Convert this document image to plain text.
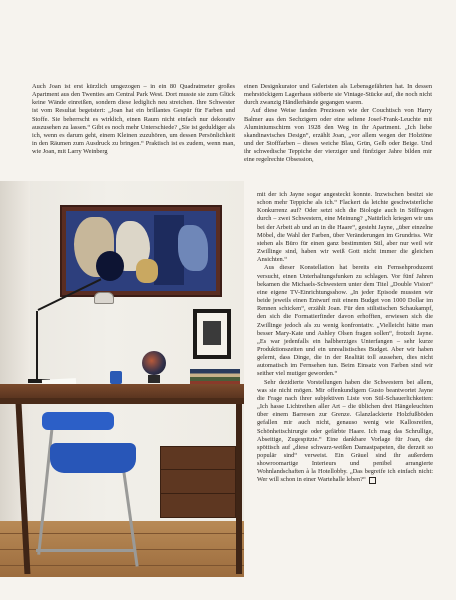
Auch Joan ist erst kürzlich umgezogen – in ein 80 Quadratmeter großes Apartment aus den Twenties am Central Park West. Dort musste sie zum Glück keine Wände einreißen, sondern diese lediglich neu streichen. Ihre Schwester ist vom Resultat begeistert: „Joan hat ein brillantes Gespür für Farben und Stoffe. Sie beherrscht es wirklich, einen Raum nicht einfach nur dekorativ auszusehen zu lassen.“ Gibt es noch mehr Unterschiede? „Sie ist geduldiger als ich, wenn es darum geht, einem Kleinen zuzuhören, um dessen Persönlichkeit in den Räumen zum Ausdruck zu bringen.“ Praktisch ist es zudem, wenn man, wie Joan, mit Larry Weinberg

einen Designkurator und Galeristen als Lebensgefährten hat. In dessen mehrstöckigem Lagerhaus stöberte sie Vintage-Stücke auf, die noch nicht durch zwanzig Händlerhände gegangen waren.

Auf diese Weise fanden Preziosen wie der Couchtisch von Harry Balmer aus den Sechzigern oder eine seltene Josef-Frank-Leuchte mit Aluminiumschirm von 1928 den Weg in ihr Apartment. „Ich liebe skandinavisches Design“, erzählt Joan, „vor allem wegen der Holztöne und der Stofffarben – dieses weiche Blau, Grün, Gelb oder Beige. Und ihr schwedische Teppiche der vierziger und fünfziger Jahre bilden mir eine regelrechte Obsession,

mit der ich Jayne sogar angesteckt konnte. Inzwischen besitzt sie schon mehr Teppiche als ich.“ Flackert da leichte geschwisterliche Konkurrenz auf? Oder setzt sich die Biologie auch in Stilfragen durch – zwei Schwestern, eine Meinung? „Natürlich kriegen wir uns bei der Arbeit ab und an in die Haare“, gesteht Jayne, „über einzelne Möbel, die Wahl der Farben, über Veränderungen im Grundriss. Wir stehen als Büro für einen ganz bestimmten Stil, aber nur weil wir Zwillinge sind, haben wir weiß Gott nicht immer die gleichen Ansichten.“

Aus dieser Konstellation hat bereits ein Fernsehproduzent versucht, einen Unterhaltungsfunken zu schlagen. Vor fünf Jahren bekamen die Michaels-Schwestern unter dem Titel „Double Vision“ eine eigene TV-Einrichtungsshow. „In jeder Episode mussten wir beide jeweils einen Entwurf mit einem Budget von 1000 Dollar im Rennen schicken“, erzählt Joan. Für den stilistischen Schaukampf, den sich die Formatierfinder davon erhofften, erwiesen sich die Zwillinge jedoch als zu wenig konfrontativ. „Vielleicht hätte man besser Mary-Kate und Ashley Olsen fragen sollen“, frotzelt Jayne. „Es war jedenfalls ein halbherziges Unterfangen – sehr kurze Produktionszeiten und ein unrealistisches Budget. Aber wir haben gelernt, dass Dinge, die in der Realität toll aussehen, dies nicht automatisch im Fernsehen tun. Beim Einsatz von Farben sind wir seither viel mutiger geworden.“

Sehr dezidierte Vorstellungen haben die Schwestern bei allem, was sie nicht mögen. Mir offenkundigem Gusto beantwortet Jayne die Frage nach ihrer subjektiven Liste von Stil-Schauerlichkeiten: „Ich hasse Lichtreihen aller Art – die üblichen drei Hängeleuchten über einem Barresen zur Grenze. Glanzlackierte Holzfußböden gefallen mir auch nicht, genauso wenig wie Kallosreifen, Schönheitschirurgie oder gefärbte Haare. Ich mag das Schrullige, Abseitige, Zugespitzte.“ Eine dankbare Vorlage für Joan, die spöttisch auf „diese schwarz-weißen Damastpapeten, die derzeit so populär sind“ verweist. Ein Gräuel sind ihr außerdem showroomartige Interieurs und penibel arrangierte Wohnlandschaften à la Hotellobby. „Das begreife ich einfach nicht: Wer will schon in einer Wartehalle leben?“
